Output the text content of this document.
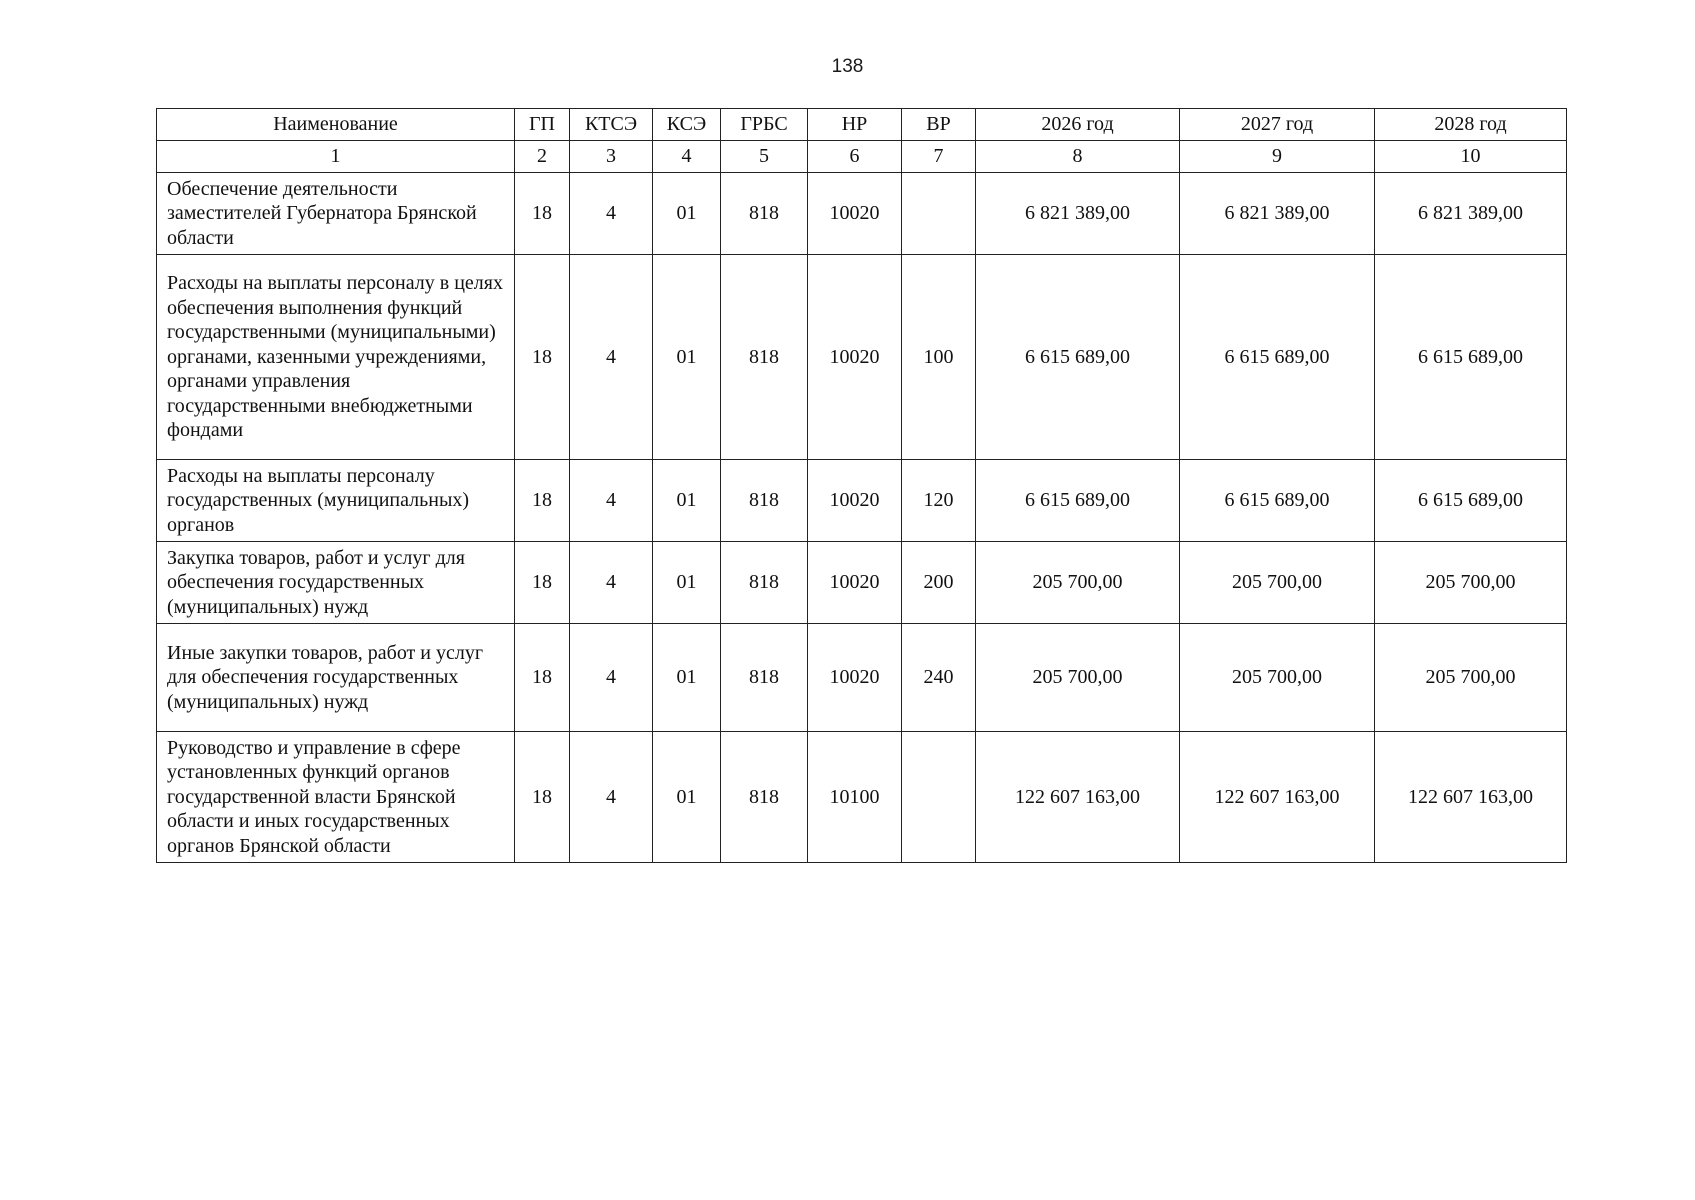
138
Наименование	ГП	КТСЭ	КСЭ	ГРБС	НР	ВР	2026 год	2027 год	2028 год
1	2	3	4	5	6	7	8	9	10
Обеспечение деятельности заместителей Губернатора Брянской области	18	4	01	818	10020		6 821 389,00	6 821 389,00	6 821 389,00
Расходы на выплаты персоналу в целях обеспечения выполнения функций государственными (муниципальными) органами, казенными учреждениями, органами управления государственными внебюджетными фондами	18	4	01	818	10020	100	6 615 689,00	6 615 689,00	6 615 689,00
Расходы на выплаты персоналу государственных (муниципальных) органов	18	4	01	818	10020	120	6 615 689,00	6 615 689,00	6 615 689,00
Закупка товаров, работ и услуг для обеспечения государственных (муниципальных) нужд	18	4	01	818	10020	200	205 700,00	205 700,00	205 700,00
Иные закупки товаров, работ и услуг для обеспечения государственных (муниципальных) нужд	18	4	01	818	10020	240	205 700,00	205 700,00	205 700,00
Руководство и управление в сфере установленных функций органов государственной власти Брянской области и иных государственных органов Брянской области	18	4	01	818	10100		122 607 163,00	122 607 163,00	122 607 163,00
